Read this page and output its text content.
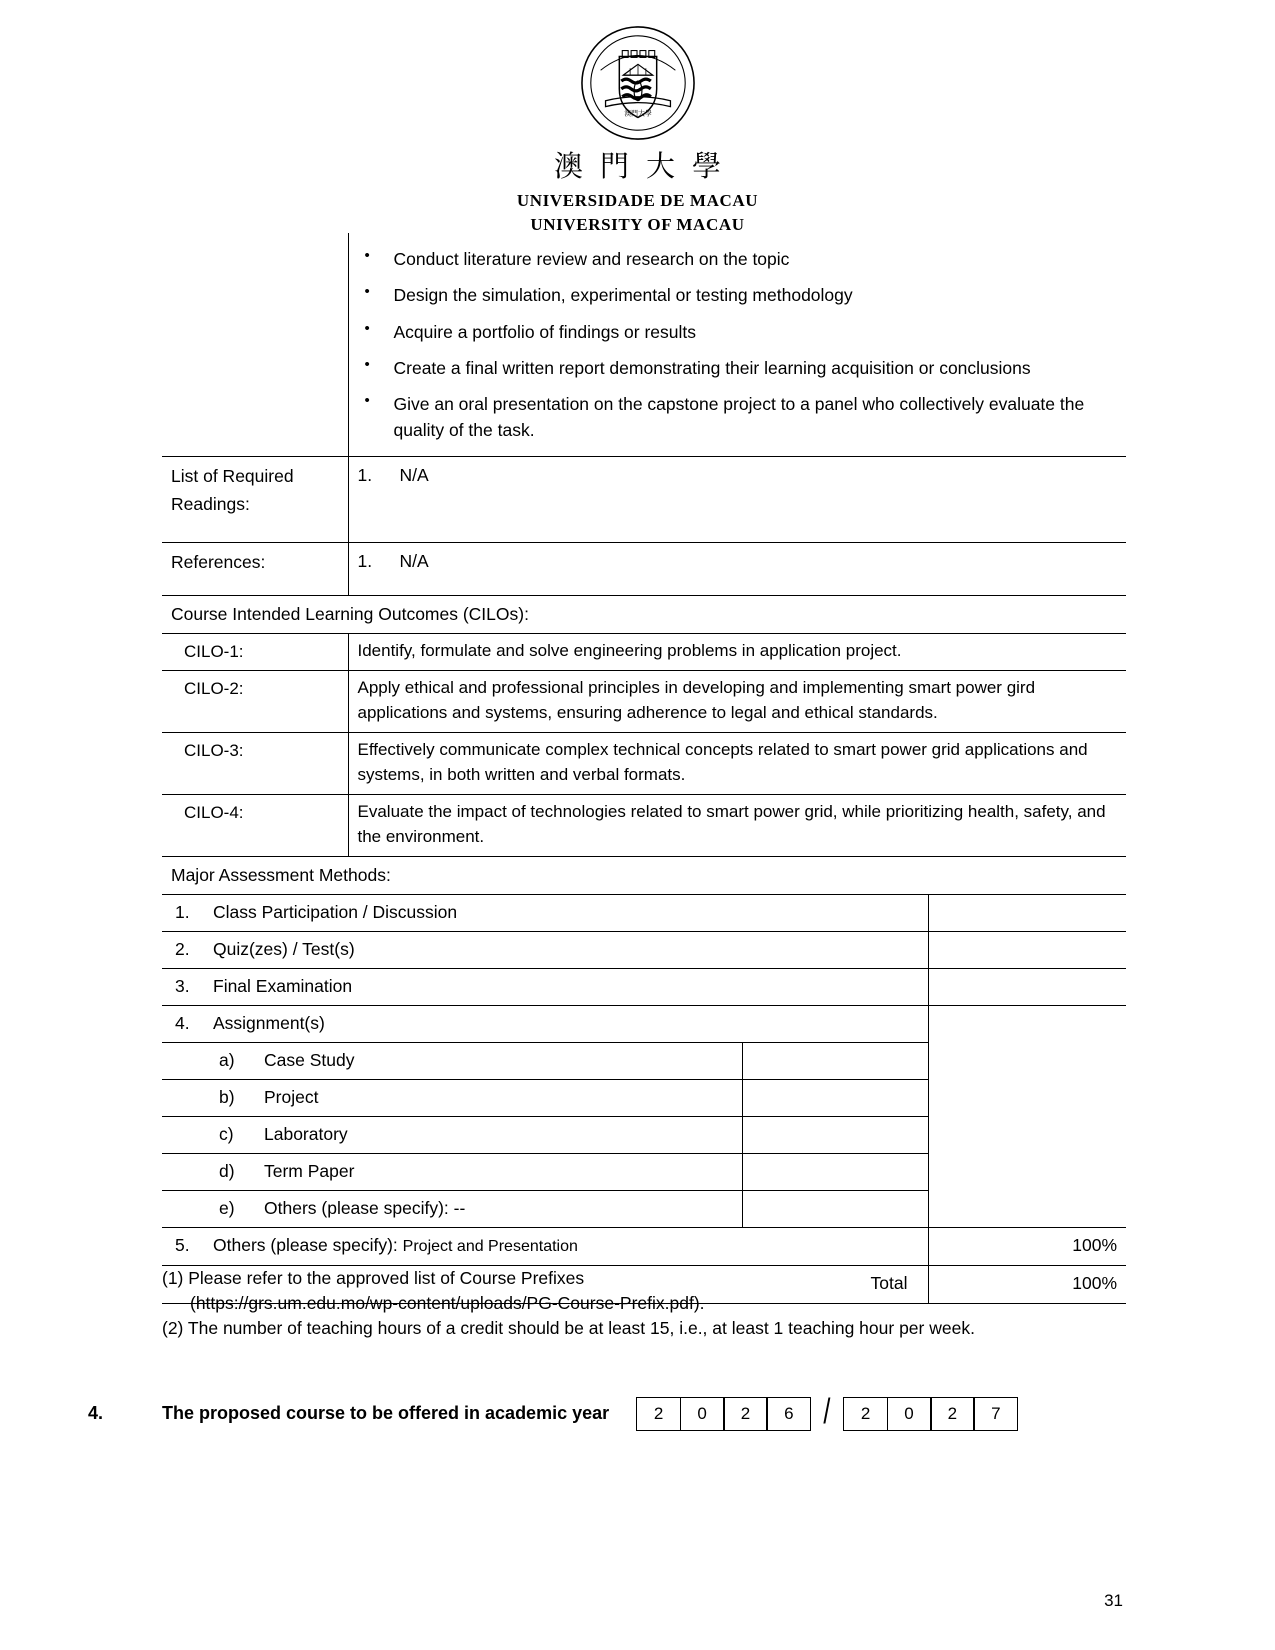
澳門大學
澳門大學
UNIVERSIDADE DE MACAU
UNIVERSITY OF MACAU

• Conduct literature review and research on the topic
• Design the simulation, experimental or testing methodology
• Acquire a portfolio of findings or results
• Create a final written report demonstrating their learning acquisition or conclusions
• Give an oral presentation on the capstone project to a panel who collectively evaluate the quality of the task.

List of Required Readings:	1. N/A		

References:	1. N/A		

Course Intended Learning Outcomes (CILOs):			

CILO-1:	Identify, formulate and solve engineering problems in application project.		

CILO-2:	Apply ethical and professional principles in developing and implementing smart power gird applications and systems, ensuring adherence to legal and ethical standards.		

CILO-3:	Effectively communicate complex technical concepts related to smart power grid applications and systems, in both written and verbal formats.		

CILO-4:	Evaluate the impact of technologies related to smart power grid, while prioritizing health, safety, and the environment.		

Major Assessment Methods:			

1. Class Participation / Discussion			

2. Quiz(zes) / Test(s)			

3. Final Examination			

4. Assignment(s)			

a) Case Study			

b) Project			

c) Laboratory			

d) Term Paper			

e) Others (please specify): --			

5. Others (please specify): Project and Presentation			100%

Total			100%
(1) Please refer to the approved list of Course Prefixes
(https://grs.um.edu.mo/wp-content/uploads/PG-Course-Prefix.pdf).
(2) The number of teaching hours of a credit should be at least 15, i.e., at least 1 teaching hour per week.
4.	The proposed course to be offered in academic year	2	0	2	6 /	2	0	2	7
31
